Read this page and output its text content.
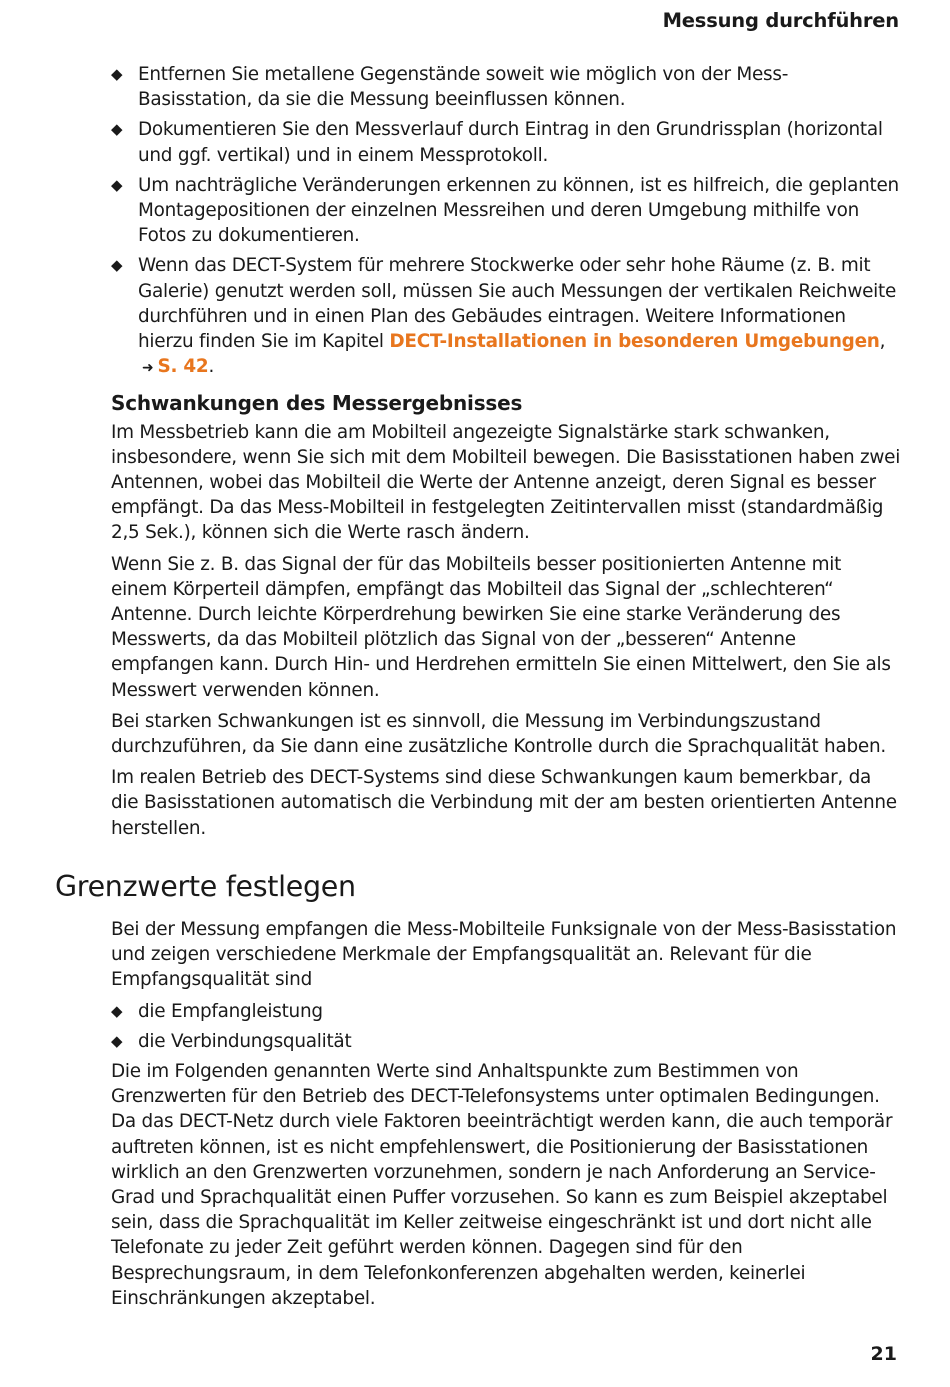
Messung durchführen
◆ Entfernen Sie metallene Gegenstände soweit wie möglich von der Mess-Basisstation, da sie die Messung beeinflussen können.
◆ Dokumentieren Sie den Messverlauf durch Eintrag in den Grundrissplan (horizontal und ggf. vertikal) und in einem Messprotokoll.
◆ Um nachträgliche Veränderungen erkennen zu können, ist es hilfreich, die geplanten Montagepositionen der einzelnen Messreihen und deren Umgebung mithilfe von Fotos zu dokumentieren.
◆ Wenn das DECT-System für mehrere Stockwerke oder sehr hohe Räume (z. B. mit Galerie) genutzt werden soll, müssen Sie auch Messungen der vertikalen Reichweite durchführen und in einen Plan des Gebäudes eintragen. Weitere Informationen hierzu finden Sie im Kapitel DECT-Installationen in besonderen Umgebungen, ➜ S. 42.
Schwankungen des Messergebnisses

Im Messbetrieb kann die am Mobilteil angezeigte Signalstärke stark schwanken, insbesondere, wenn Sie sich mit dem Mobilteil bewegen. Die Basisstationen haben zwei Antennen, wobei das Mobilteil die Werte der Antenne anzeigt, deren Signal es besser empfängt. Da das Mess-Mobilteil in festgelegten Zeitintervallen misst (standardmäßig 2,5 Sek.), können sich die Werte rasch ändern.

Wenn Sie z. B. das Signal der für das Mobilteils besser positionierten Antenne mit einem Körperteil dämpfen, empfängt das Mobilteil das Signal der „schlechteren“ Antenne. Durch leichte Körperdrehung bewirken Sie eine starke Veränderung des Messwerts, da das Mobilteil plötzlich das Signal von der „besseren“ Antenne empfangen kann. Durch Hin- und Herdrehen ermitteln Sie einen Mittelwert, den Sie als Messwert verwenden können.

Bei starken Schwankungen ist es sinnvoll, die Messung im Verbindungszustand durchzuführen, da Sie dann eine zusätzliche Kontrolle durch die Sprachqualität haben.

Im realen Betrieb des DECT-Systems sind diese Schwankungen kaum bemerkbar, da die Basisstationen automatisch die Verbindung mit der am besten orientierten Antenne herstellen.

Grenzwerte festlegen

Bei der Messung empfangen die Mess-Mobilteile Funksignale von der Mess-Basisstation und zeigen verschiedene Merkmale der Empfangsqualität an. Relevant für die Empfangsqualität sind

◆ die Empfangleistung
◆ die Verbindungsqualität

Die im Folgenden genannten Werte sind Anhaltspunkte zum Bestimmen von Grenzwerten für den Betrieb des DECT-Telefonsystems unter optimalen Bedingungen. Da das DECT-Netz durch viele Faktoren beeinträchtigt werden kann, die auch temporär auftreten können, ist es nicht empfehlenswert, die Positionierung der Basisstationen wirklich an den Grenzwerten vorzunehmen, sondern je nach Anforderung an Service-Grad und Sprachqualität einen Puffer vorzusehen. So kann es zum Beispiel akzeptabel sein, dass die Sprachqualität im Keller zeitweise eingeschränkt ist und dort nicht alle Telefonate zu jeder Zeit geführt werden können. Dagegen sind für den Besprechungsraum, in dem Telefonkonferenzen abgehalten werden, keinerlei Einschränkungen akzeptabel.

21
